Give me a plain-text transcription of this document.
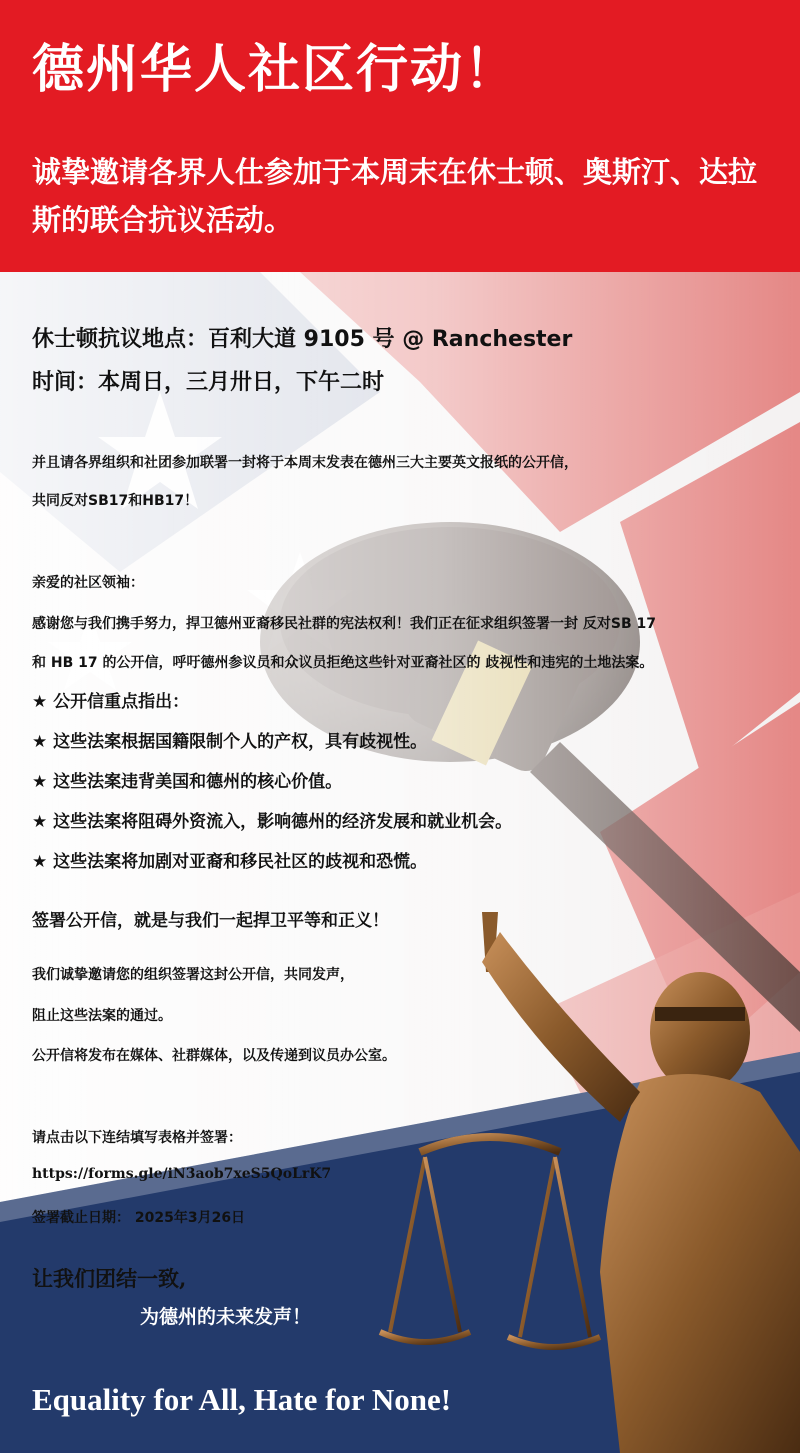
德州华人社区行动！
诚挚邀请各界人仕参加于本周末在休士顿、奥斯汀、达拉斯的联合抗议活动。
休士顿抗议地点：百利大道 9105 号 @ Ranchester
时间：本周日，三月卅日，下午二时
并且请各界组织和社团参加联署一封将于本周末发表在德州三大主要英文报纸的公开信，
共同反对SB17和HB17！
亲爱的社区领袖：
感谢您与我们携手努力，捍卫德州亚裔移民社群的宪法权利！我们正在征求组织签署一封 反对SB 17
和 HB 17 的公开信，呼吁德州参议员和众议员拒绝这些针对亚裔社区的 歧视性和违宪的土地法案。
★ 公开信重点指出：
★ 这些法案根据国籍限制个人的产权，具有歧视性。
★ 这些法案违背美国和德州的核心价值。
★ 这些法案将阻碍外资流入，影响德州的经济发展和就业机会。
★ 这些法案将加剧对亚裔和移民社区的歧视和恐慌。
签署公开信，就是与我们一起捍卫平等和正义！
我们诚挚邀请您的组织签署这封公开信，共同发声，
阻止这些法案的通过。
公开信将发布在媒体、社群媒体，以及传递到议员办公室。
请点击以下连结填写表格并签署：
https://forms.gle/iN3aob7xeS5QoLrK7
签署截止日期： 2025年3月26日
让我们团结一致,
为德州的未来发声！
Equality for All, Hate for None!
